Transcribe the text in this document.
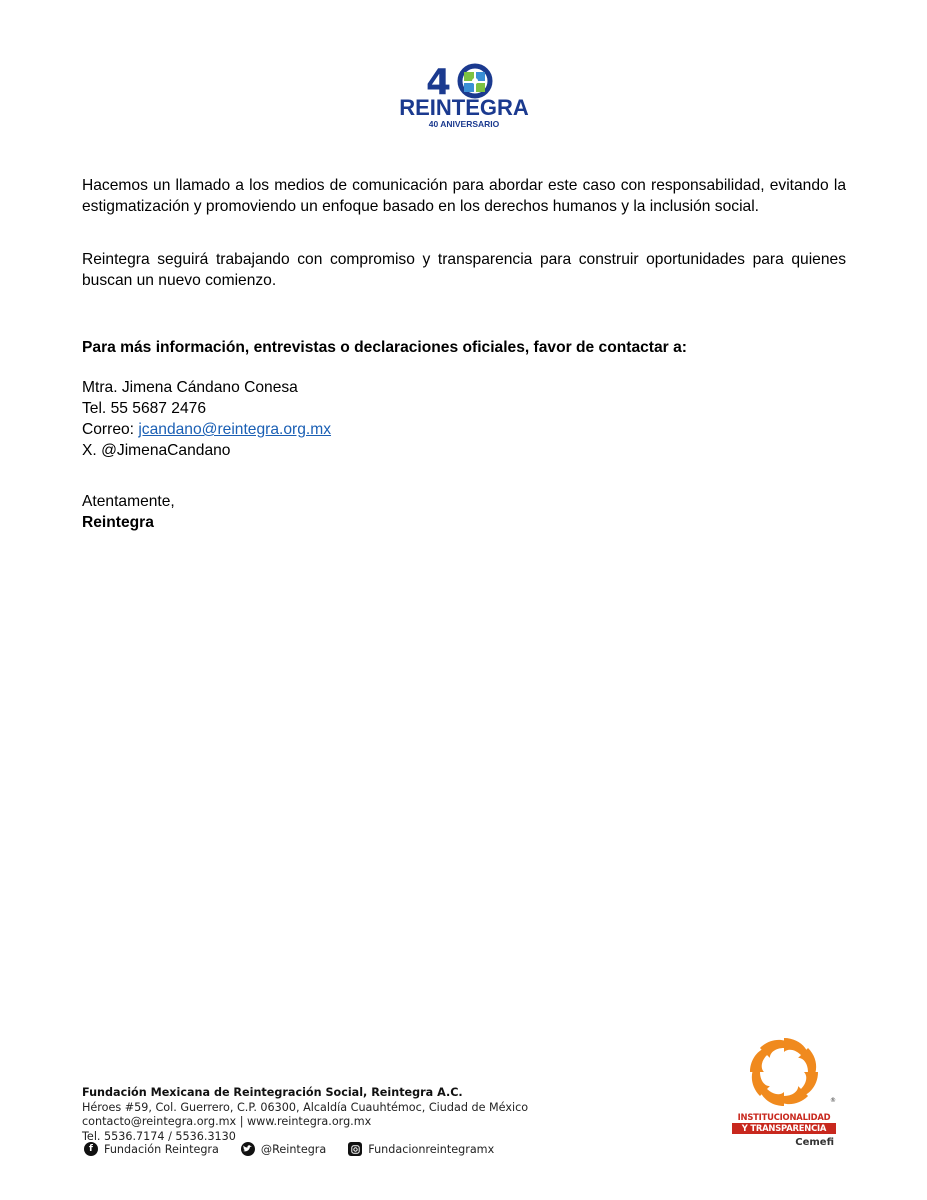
4
REINTEGRA
40 ANIVERSARIO

Hacemos un llamado a los medios de comunicación para abordar este caso con responsabilidad, evitando la estigmatización y promoviendo un enfoque basado en los derechos humanos y la inclusión social.

Reintegra seguirá trabajando con compromiso y transparencia para construir oportunidades para quienes buscan un nuevo comienzo.

Para más información, entrevistas o declaraciones oficiales, favor de contactar a:
Mtra. Jimena Cándano Conesa
Tel. 55 5687 2476
Correo: jcandano@reintegra.org.mx
X. @JimenaCandano
Atentamente,
Reintegra
Fundación Mexicana de Reintegración Social, Reintegra A.C.
Héroes #59, Col. Guerrero, C.P. 06300, Alcaldía Cuauhtémoc, Ciudad de México
contacto@reintegra.org.mx | www.reintegra.org.mx
Tel. 5536.7174 / 5536.3130
f Fundación Reintegra	@Reintegra	Fundacionreintegramx
®
INSTITUCIONALIDAD
Y TRANSPARENCIA
Cemefi
